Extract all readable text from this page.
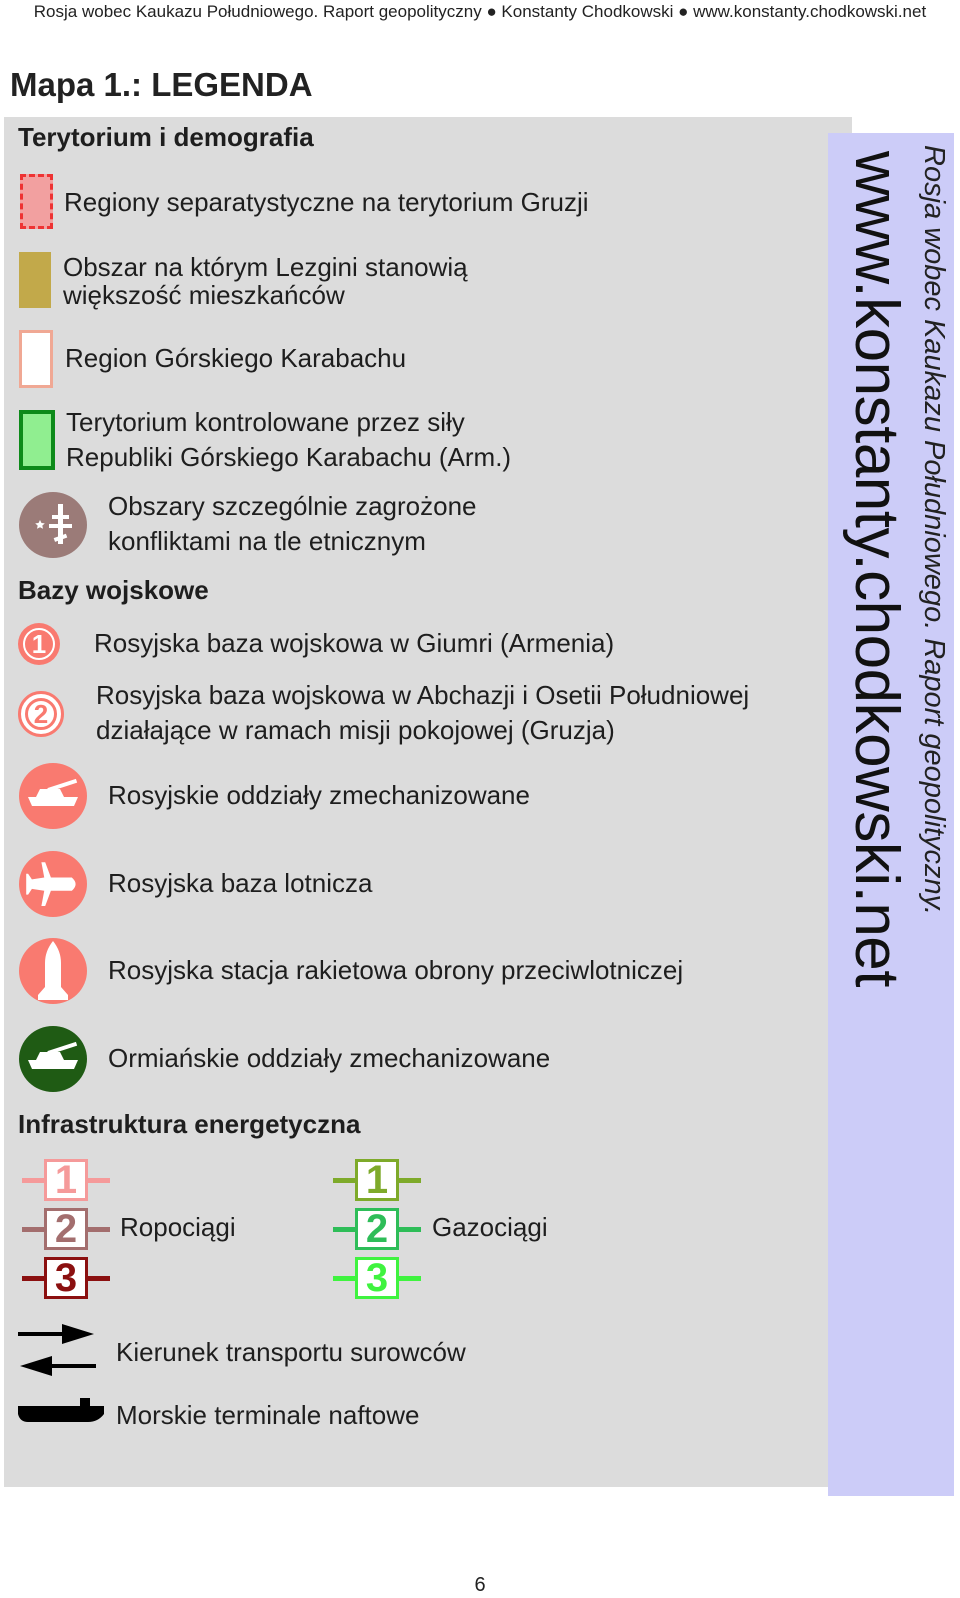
Rosja wobec Kaukazu Południowego. Raport geopolityczny ● Konstanty Chodkowski ● www.konstanty.chodkowski.net
Mapa 1.: LEGENDA
Rosja wobec Kaukazu Południowego. Raport geopolityczny.
www.konstanty.chodkowski.net
Terytorium i demografia
Regiony separatystyczne na terytorium Gruzji
Obszar na którym Lezgini stanowią
większość mieszkańców
Region Górskiego Karabachu
Terytorium kontrolowane przez siły
Republiki Górskiego Karabachu (Arm.)
Obszary szczególnie zagrożone
konfliktami na tle etnicznym
Bazy wojskowe
1	Rosyjska baza wojskowa w Giumri (Armenia)
2
Rosyjska baza wojskowa w Abchazji i Osetii Południowej
działające w ramach misji pokojowej (Gruzja)
Rosyjskie oddziały zmechanizowane
Rosyjska baza lotnicza
Rosyjska stacja rakietowa obrony przeciwlotniczej
Ormiańskie oddziały zmechanizowane
Infrastruktura energetyczna
1
2
3
Ropociągi
1
2
3
Gazociągi
Kierunek transportu surowców
Morskie terminale naftowe
6
